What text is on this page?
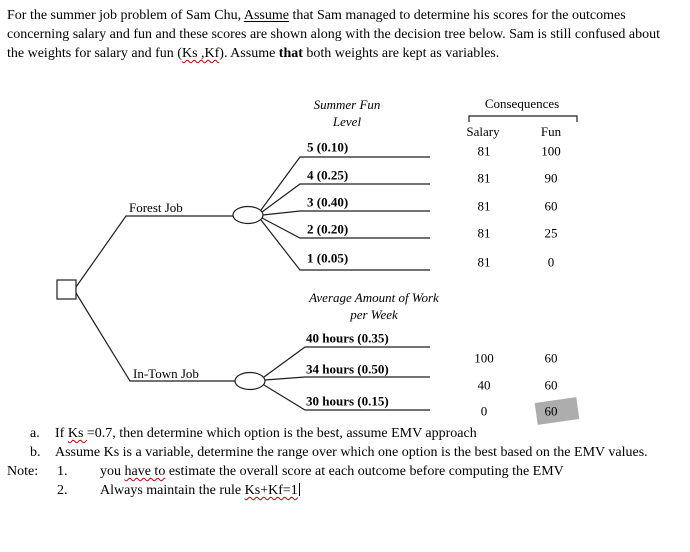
For the summer job problem of Sam Chu, Assume that Sam managed to determine his scores for the outcomes concerning salary and fun and these scores are shown along with the decision tree below. Sam is still confused about the weights for salary and fun (Ks ,Kf). Assume that both weights are kept as variables.

Summer Fun
Level
Consequences
Salary	Fun
Average Amount of Work
per Week
Forest Job
In-Town Job
5 (0.10)
4 (0.25)
3 (0.40)
2 (0.20)
1 (0.05)
81	100
81	90
81	60
81	25
81	0
40 hours (0.35)
34 hours (0.50)
30 hours (0.15)
100	60
40	60
0	60
a. If Ks =0.7, then determine which option is the best, assume EMV approach
b. Assume Ks is a variable, determine the range over which one option is the best based on the EMV values.
Note: 1. you have to estimate the overall score at each outcome before computing the EMV
2. Always maintain the rule Ks+Kf=1
